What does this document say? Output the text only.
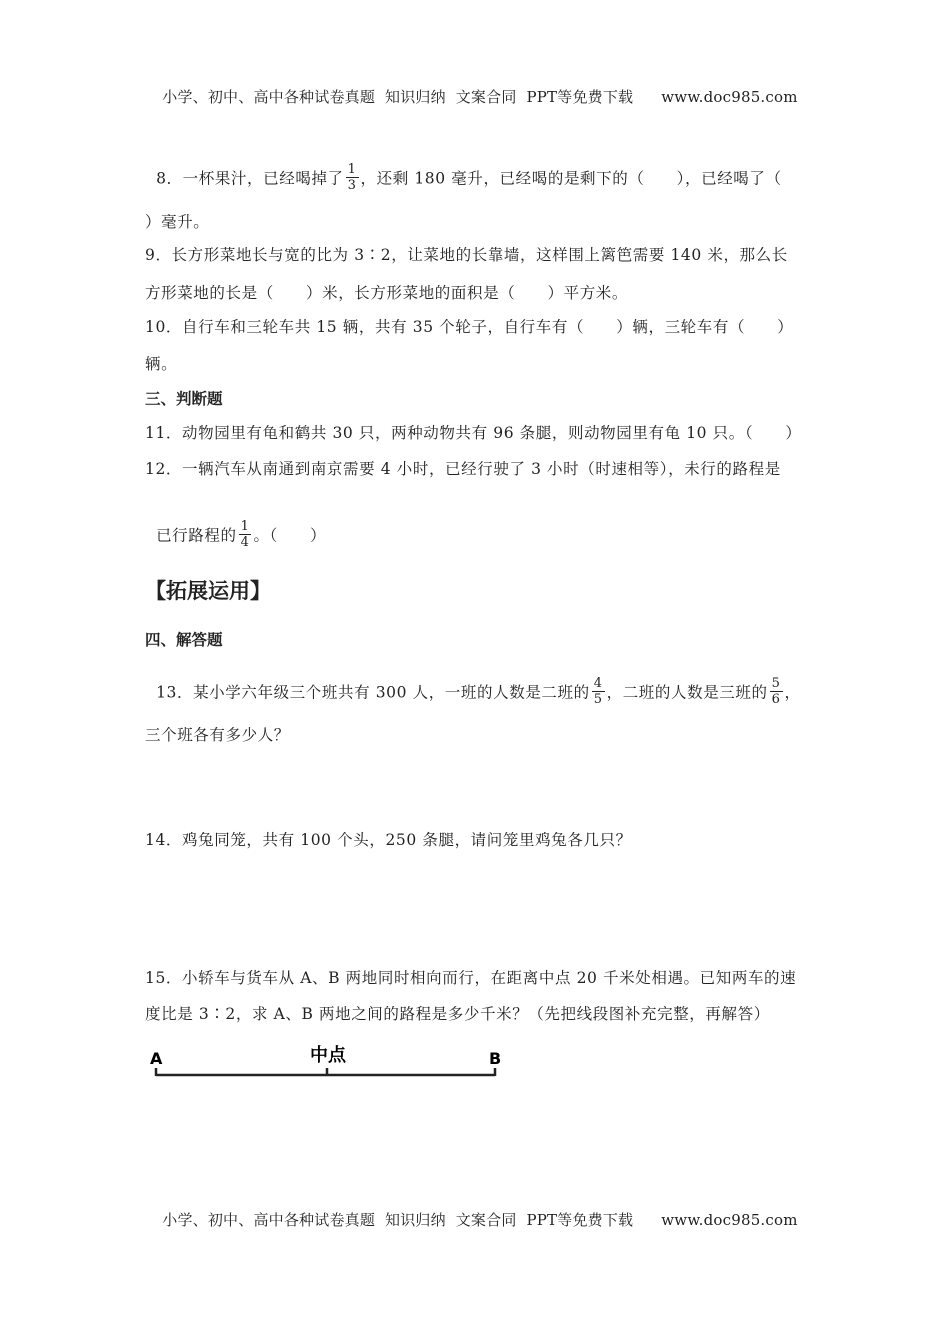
小学、初中、高中各种试卷真题  知识归纳  文案合同  PPT等免费下载 www.doc985.com

8．一杯果汁，已经喝掉了 $\frac{1}{3}$ ，还剩 180 毫升，已经喝的是剩下的（　　），已经喝了（

）毫升。
9．长方形菜地长与宽的比为 3∶2，让菜地的长靠墙，这样围上篱笆需要 140 米，那么长
方形菜地的长是（　　）米，长方形菜地的面积是（　　）平方米。
10．自行车和三轮车共 15 辆，共有 35 个轮子，自行车有（　　）辆，三轮车有（　　）
辆。
三、判断题
11．动物园里有龟和鹤共 30 只，两种动物共有 96 条腿，则动物园里有龟 10 只。（　　）
12．一辆汽车从南通到南京需要 4 小时，已经行驶了 3 小时（时速相等），未行的路程是

已行路程的 $\frac{1}{4}$ 。（　　）

【拓展运用】
四、解答题

13．某小学六年级三个班共有 300 人，一班的人数是二班的 $\frac{4}{5}$ ，二班的人数是三班的 $\frac{5}{6}$ ，

三个班各有多少人？
14．鸡兔同笼，共有 100 个头，250 条腿，请问笼里鸡兔各几只？
15．小轿车与货车从 A、B 两地同时相向而行，在距离中点 20 千米处相遇。已知两车的速
度比是 3∶2，求 A、B 两地之间的路程是多少千米？（先把线段图补充完整，再解答）
A	中点	B

小学、初中、高中各种试卷真题  知识归纳  文案合同  PPT等免费下载 www.doc985.com
